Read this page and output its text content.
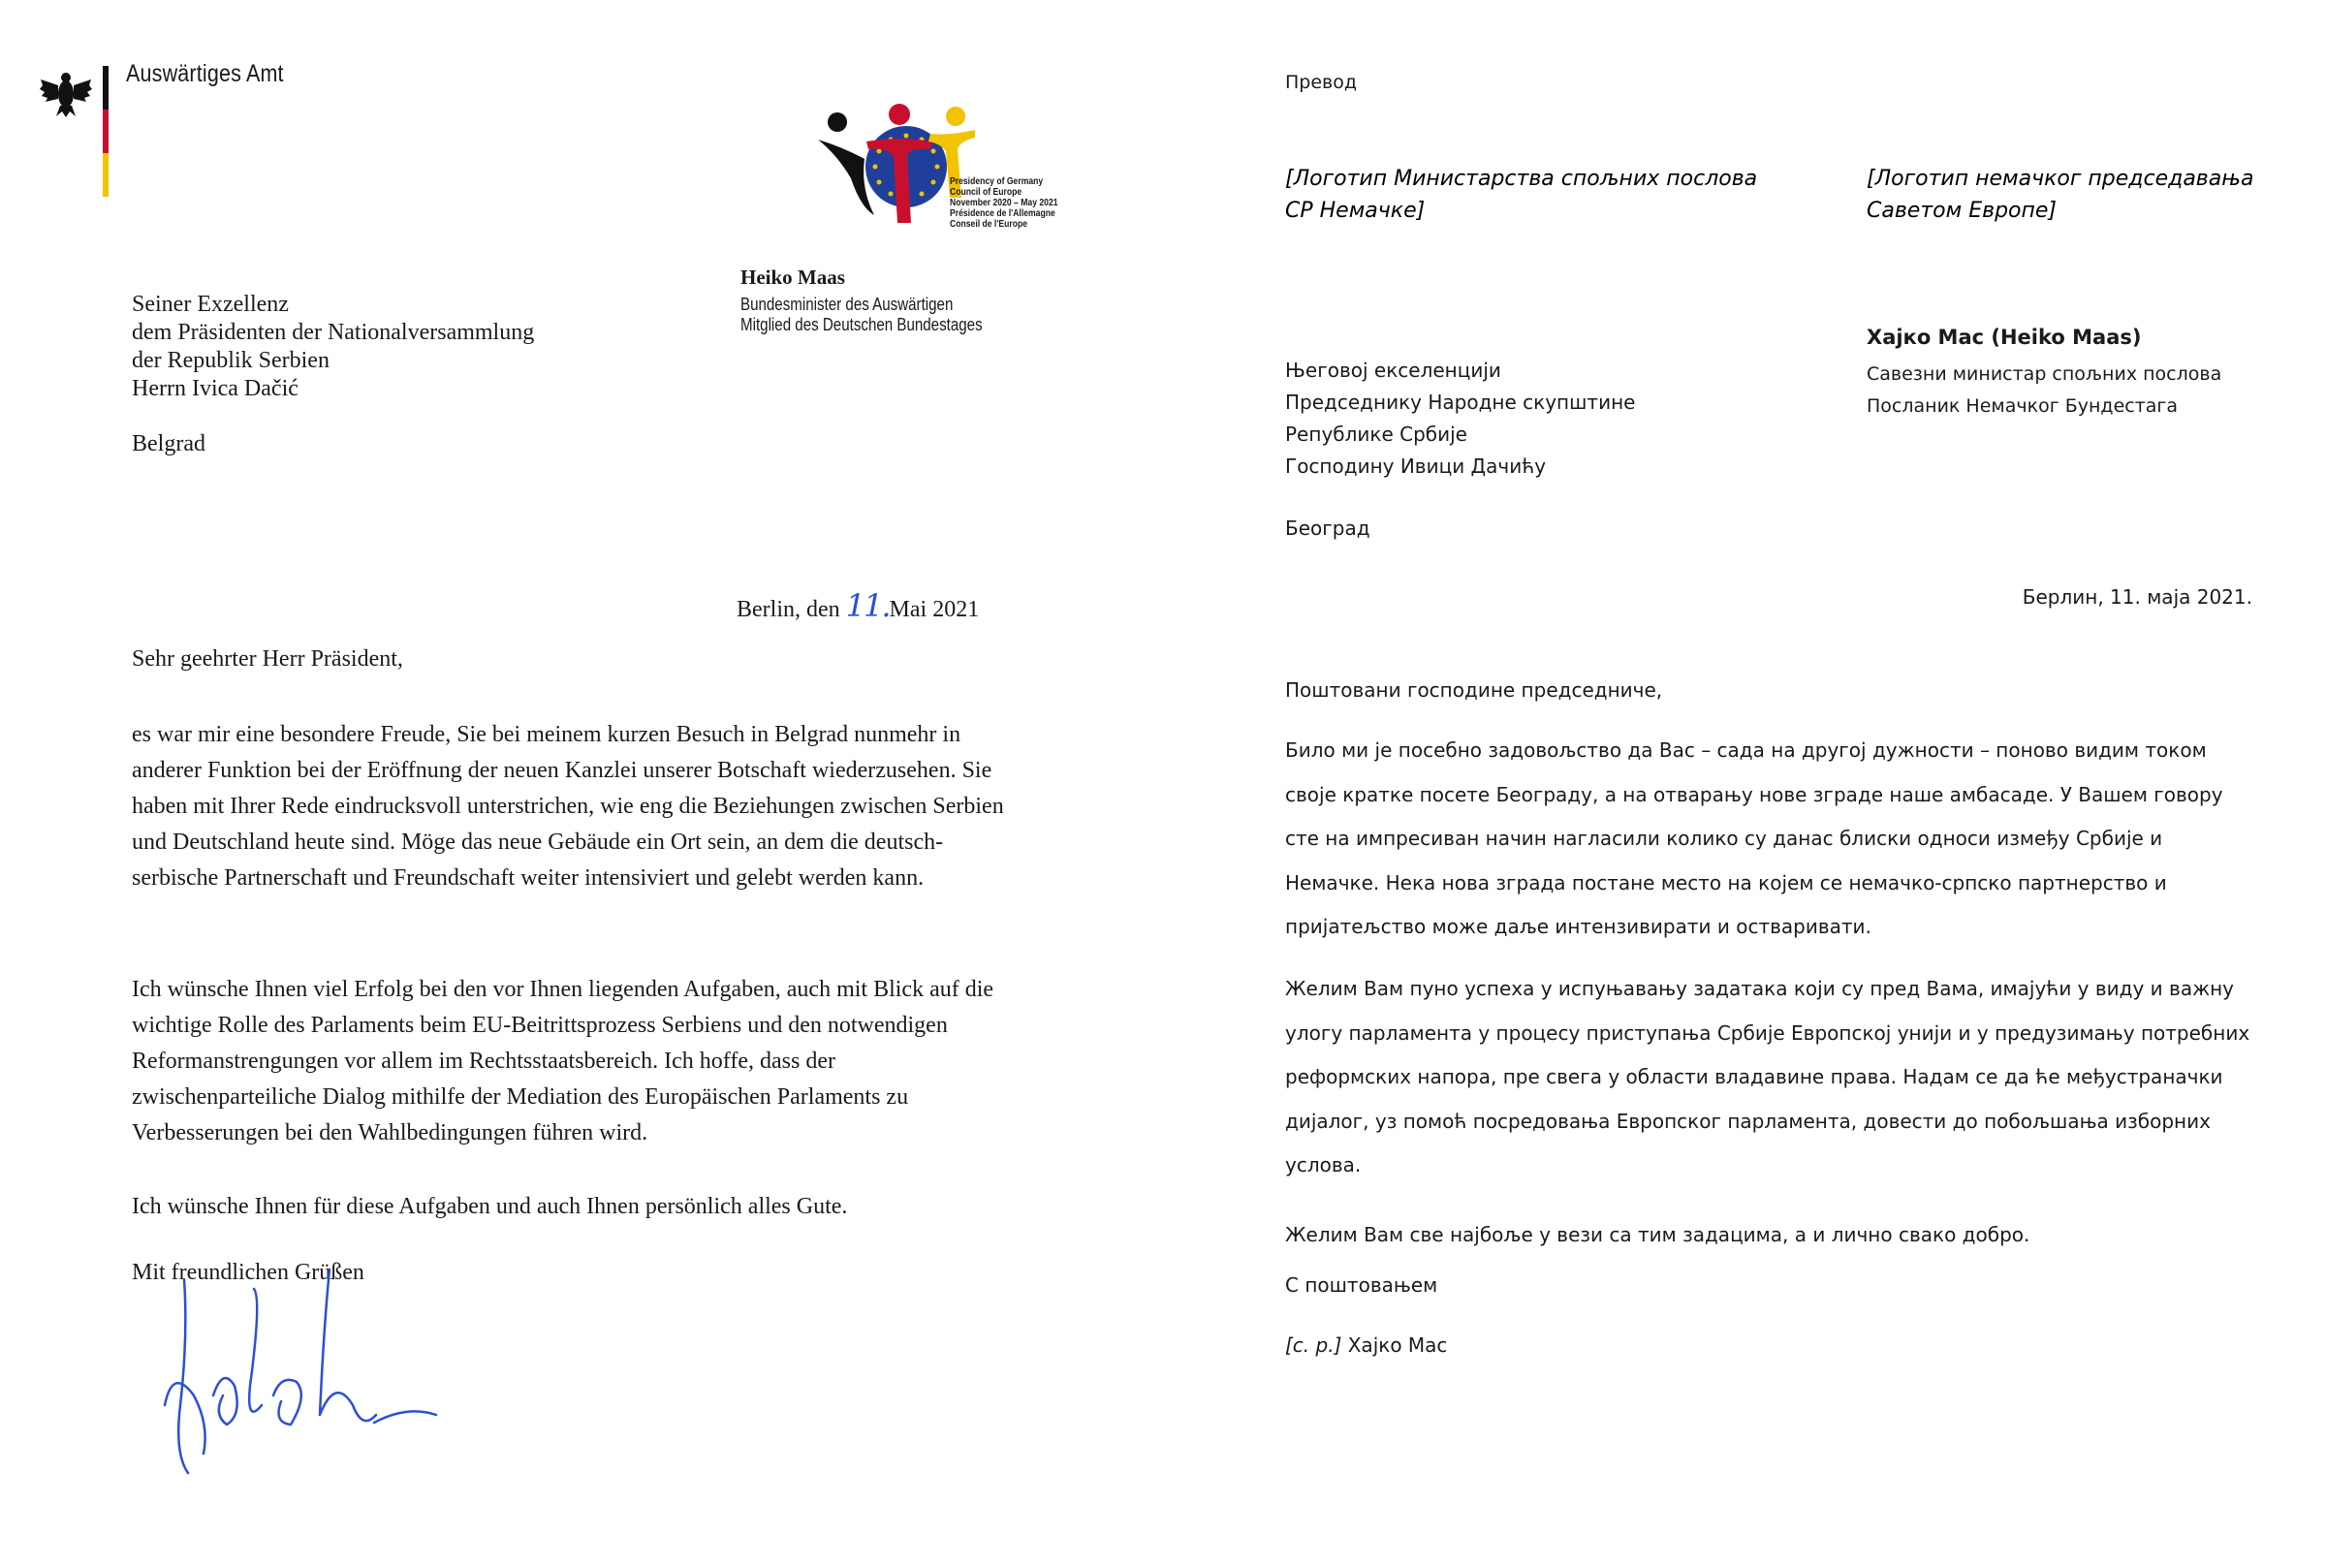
Auswärtiges Amt
Presidency of Germany
Council of Europe
November 2020 – May 2021
Présidence de l'Allemagne
Conseil de l'Europe
Heiko Maas
Bundesminister des Auswärtigen
Mitglied des Deutschen Bundestages
Seiner Exzellenz
dem Präsidenten der Nationalversammlung
der Republik Serbien
Herrn Ivica Dačić
Belgrad
Berlin, den 11.Mai 2021
Sehr geehrter Herr Präsident,

es war mir eine besondere Freude, Sie bei meinem kurzen Besuch in Belgrad nunmehr in anderer Funktion bei der Eröffnung der neuen Kanzlei unserer Botschaft wiederzusehen. Sie haben mit Ihrer Rede eindrucksvoll unterstrichen, wie eng die Beziehungen zwischen Serbien und Deutschland heute sind. Möge das neue Gebäude ein Ort sein, an dem die deutsch-serbische Partnerschaft und Freundschaft weiter intensiviert und gelebt werden kann.

Ich wünsche Ihnen viel Erfolg bei den vor Ihnen liegenden Aufgaben, auch mit Blick auf die wichtige Rolle des Parlaments beim EU-Beitrittsprozess Serbiens und den notwendigen Reformanstrengungen vor allem im Rechtsstaatsbereich. Ich hoffe, dass der zwischenparteiliche Dialog mithilfe der Mediation des Europäischen Parlaments zu Verbesserungen bei den Wahlbedingungen führen wird.

Ich wünsche Ihnen für diese Aufgaben und auch Ihnen persönlich alles Gute.

Mit freundlichen Grüßen
Превод
[Логотип Министарства спољних послова СР Немачке]
[Логотип немачког председавања Саветом Европе]
Хајко Мас (Heiko Maas)
Савезни министар спољних послова
Посланик Немачког Бундестага
Његовој екселенцији
Председнику Народне скупштине
Републике Србије
Господину Ивици Дачићу
Београд
Берлин, 11. маја 2021.
Поштовани господине председниче,

Било ми је посебно задовољство да Вас – сада на другој дужности – поново видим током своје кратке посете Београду, а на отварању нове зграде наше амбасаде. У Вашем говору сте на импресиван начин нагласили колико су данас блиски односи између Србије и Немачке. Нека нова зграда постане место на којем се немачко-српско партнерство и пријатељство може даље интензивирати и остваривати.

Желим Вам пуно успеха у испуњавању задатака који су пред Вама, имајући у виду и важну улогу парламента у процесу приступања Србије Европској унији и у предузимању потребних реформских напора, пре свега у области владавине права. Надам се да ће међустраначки дијалог, уз помоћ посредовања Европског парламента, довести до побољшања изборних услова.

Желим Вам све најбоље у вези са тим задацима, а и лично свако добро.

С поштовањем
[с. р.] Хајко Мас
